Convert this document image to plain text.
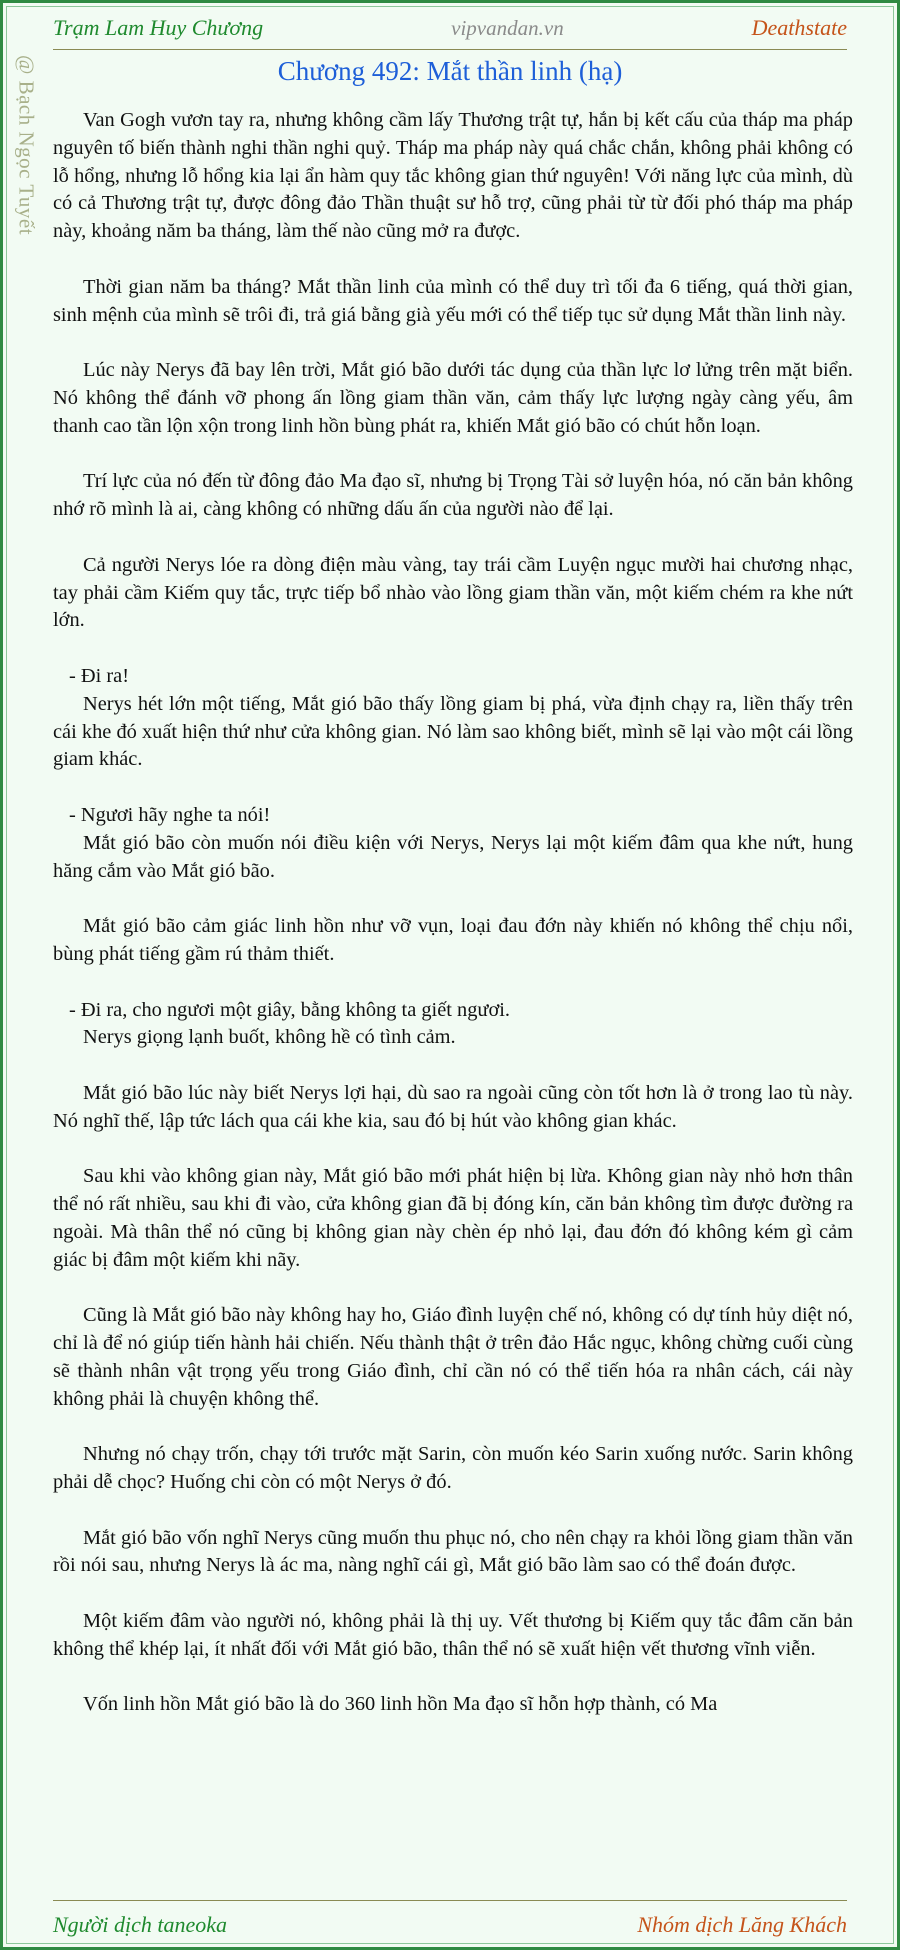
Trạm Lam Huy Chương	vipvandan.vn	Deathstate
@ Bạch Ngọc Tuyết	Chương 492: Mắt thần linh (hạ)

Van Gogh vươn tay ra, nhưng không cầm lấy Thương trật tự, hắn bị kết cấu của tháp ma pháp nguyên tố biến thành nghi thần nghi quỷ. Tháp ma pháp này quá chắc chắn, không phải không có lỗ hổng, nhưng lỗ hổng kia lại ẩn hàm quy tắc không gian thứ nguyên! Với năng lực của mình, dù có cả Thương trật tự, được đông đảo Thần thuật sư hỗ trợ, cũng phải từ từ đối phó tháp ma pháp này, khoảng năm ba tháng, làm thế nào cũng mở ra được.

Thời gian năm ba tháng? Mắt thần linh của mình có thể duy trì tối đa 6 tiếng, quá thời gian, sinh mệnh của mình sẽ trôi đi, trả giá bằng già yếu mới có thể tiếp tục sử dụng Mắt thần linh này.

Lúc này Nerys đã bay lên trời, Mắt gió bão dưới tác dụng của thần lực lơ lửng trên mặt biển. Nó không thể đánh vỡ phong ấn lồng giam thần văn, cảm thấy lực lượng ngày càng yếu, âm thanh cao tần lộn xộn trong linh hồn bùng phát ra, khiến Mắt gió bão có chút hỗn loạn.

Trí lực của nó đến từ đông đảo Ma đạo sĩ, nhưng bị Trọng Tài sở luyện hóa, nó căn bản không nhớ rõ mình là ai, càng không có những dấu ấn của người nào để lại.

Cả người Nerys lóe ra dòng điện màu vàng, tay trái cầm Luyện ngục mười hai chương nhạc, tay phải cầm Kiếm quy tắc, trực tiếp bổ nhào vào lồng giam thần văn, một kiếm chém ra khe nứt lớn.

- Đi ra!

Nerys hét lớn một tiếng, Mắt gió bão thấy lồng giam bị phá, vừa định chạy ra, liền thấy trên cái khe đó xuất hiện thứ như cửa không gian. Nó làm sao không biết, mình sẽ lại vào một cái lồng giam khác.

- Ngươi hãy nghe ta nói!

Mắt gió bão còn muốn nói điều kiện với Nerys, Nerys lại một kiếm đâm qua khe nứt, hung hăng cắm vào Mắt gió bão.

Mắt gió bão cảm giác linh hồn như vỡ vụn, loại đau đớn này khiến nó không thể chịu nổi, bùng phát tiếng gầm rú thảm thiết.

- Đi ra, cho ngươi một giây, bằng không ta giết ngươi.

Nerys giọng lạnh buốt, không hề có tình cảm.

Mắt gió bão lúc này biết Nerys lợi hại, dù sao ra ngoài cũng còn tốt hơn là ở trong lao tù này. Nó nghĩ thế, lập tức lách qua cái khe kia, sau đó bị hút vào không gian khác.

Sau khi vào không gian này, Mắt gió bão mới phát hiện bị lừa. Không gian này nhỏ hơn thân thể nó rất nhiều, sau khi đi vào, cửa không gian đã bị đóng kín, căn bản không tìm được đường ra ngoài. Mà thân thể nó cũng bị không gian này chèn ép nhỏ lại, đau đớn đó không kém gì cảm giác bị đâm một kiếm khi nãy.

Cũng là Mắt gió bão này không hay ho, Giáo đình luyện chế nó, không có dự tính hủy diệt nó, chỉ là để nó giúp tiến hành hải chiến. Nếu thành thật ở trên đảo Hắc ngục, không chừng cuối cùng sẽ thành nhân vật trọng yếu trong Giáo đình, chỉ cần nó có thể tiến hóa ra nhân cách, cái này không phải là chuyện không thể.

Nhưng nó chạy trốn, chạy tới trước mặt Sarin, còn muốn kéo Sarin xuống nước. Sarin không phải dễ chọc? Huống chi còn có một Nerys ở đó.

Mắt gió bão vốn nghĩ Nerys cũng muốn thu phục nó, cho nên chạy ra khỏi lồng giam thần văn rồi nói sau, nhưng Nerys là ác ma, nàng nghĩ cái gì, Mắt gió bão làm sao có thể đoán được.

Một kiếm đâm vào người nó, không phải là thị uy. Vết thương bị Kiếm quy tắc đâm căn bản không thể khép lại, ít nhất đối với Mắt gió bão, thân thể nó sẽ xuất hiện vết thương vĩnh viễn.

Vốn linh hồn Mắt gió bão là do 360 linh hồn Ma đạo sĩ hỗn hợp thành, có Ma

Người dịch taneoka	Nhóm dịch Lăng Khách
